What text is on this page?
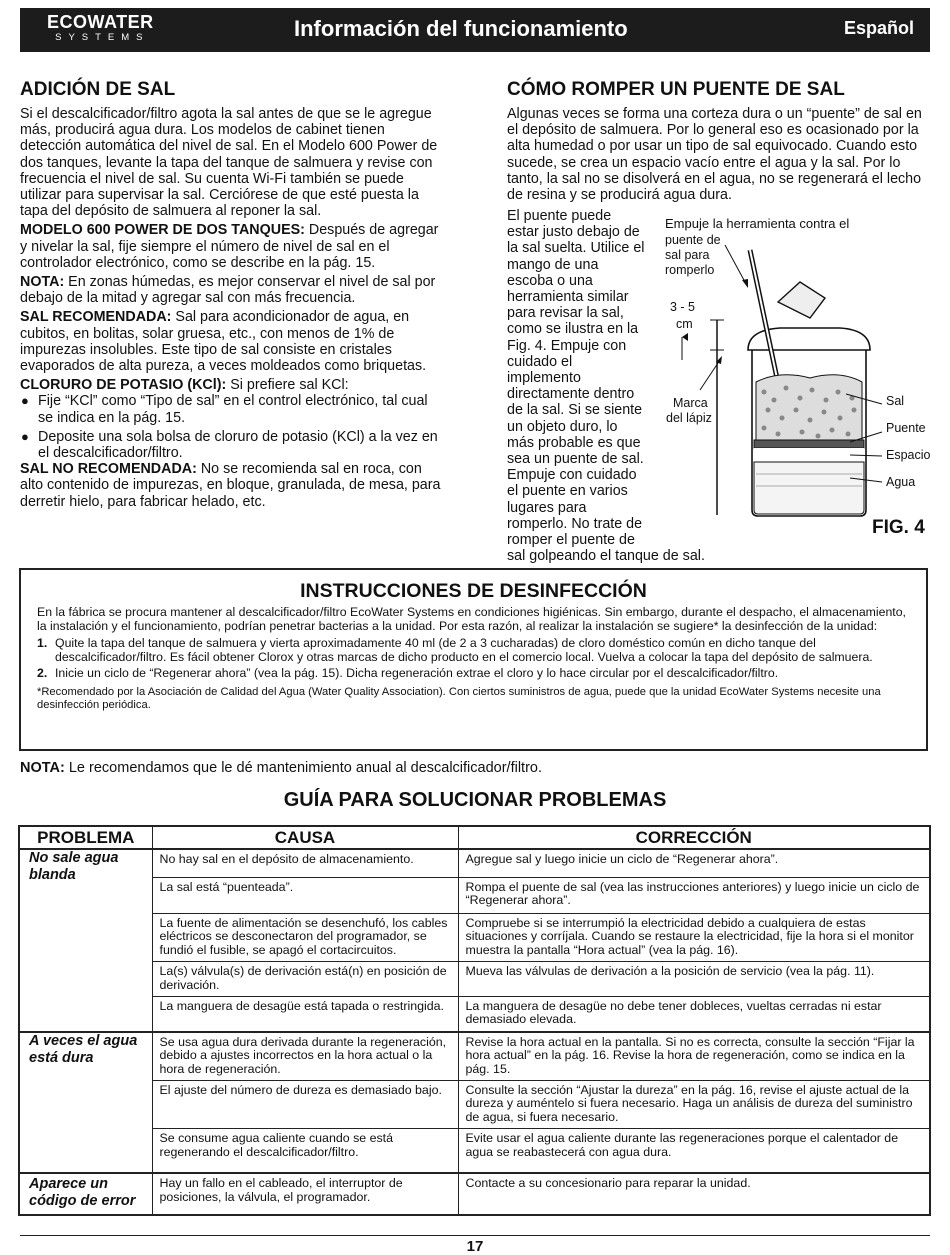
ECOWATER
SYSTEMS	Información del funcionamiento	Español
ADICIÓN DE SAL

Si el descalcificador/filtro agota la sal antes de que se le agregue más, producirá agua dura. Los modelos de cabinet tienen detección automática del nivel de sal. En el Modelo 600 Power de dos tanques, levante la tapa del tanque de salmuera y revise con frecuencia el nivel de sal. Su cuenta Wi-Fi también se puede utilizar para supervisar la sal. Cerciórese de que esté puesta la tapa del depósito de salmuera al reponer la sal.

MODELO 600 POWER DE DOS TANQUES: Después de agregar y nivelar la sal, fije siempre el número de nivel de sal en el controlador electrónico, como se describe en la pág. 15.

NOTA: En zonas húmedas, es mejor conservar el nivel de sal por debajo de la mitad y agregar sal con más frecuencia.

SAL RECOMENDADA: Sal para acondicionador de agua, en cubitos, en bolitas, solar gruesa, etc., con menos de 1% de impurezas insolubles. Este tipo de sal consiste en cristales evaporados de alta pureza, a veces moldeados como briquetas.

CLORURO DE POTASIO (KCl): Si prefiere sal KCl:

● Fije “KCl” como “Tipo de sal” en el control electrónico, tal cual se indica en la pág. 15.
● Deposite una sola bolsa de cloruro de potasio (KCl) a la vez en el descalcificador/filtro.

SAL NO RECOMENDADA: No se recomienda sal en roca, con alto contenido de impurezas, en bloque, granulada, de mesa, para derretir hielo, para fabricar helado, etc.

CÓMO ROMPER UN PUENTE DE SAL
Algunas veces se forma una corteza dura o un “puente” de sal en el depósito de salmuera. Por lo general eso es ocasionado por la alta humedad o por usar un tipo de sal equivocado. Cuando esto sucede, se crea un espacio vacío entre el agua y la sal. Por lo tanto, la sal no se disolverá en el agua, no se regenerará el lecho de resina y se producirá agua dura.
El puente puede
estar justo debajo de
la sal suelta. Utilice el
mango de una
escoba o una
herramienta similar
para revisar la sal,
como se ilustra en la
Fig. 4. Empuje con
cuidado el
implemento
directamente dentro
de la sal. Si se siente
un objeto duro, lo
más probable es que
sea un puente de sal.
Empuje con cuidado
el puente en varios
lugares para
romperlo. No trate de
romper el puente de
sal golpeando el tanque de sal.
Empuje la herramienta contra el
puente de
sal para
romperlo
3 - 5
cm
Marca
del lápiz
Sal
Puente
Espacio
Agua
FIG. 4
INSTRUCCIONES DE DESINFECCIÓN

En la fábrica se procura mantener al descalcificador/filtro EcoWater Systems en condiciones higiénicas. Sin embargo, durante el despacho, el almacenamiento, la instalación y el funcionamiento, podrían penetrar bacterias a la unidad. Por esta razón, al realizar la instalación se sugiere* la desinfección de la unidad:

1. Quite la tapa del tanque de salmuera y vierta aproximadamente 40 ml (de 2 a 3 cucharadas) de cloro doméstico común en dicho tanque del descalcificador/filtro. Es fácil obtener Clorox y otras marcas de dicho producto en el comercio local. Vuelva a colocar la tapa del depósito de salmuera.
2. Inicie un ciclo de “Regenerar ahora” (vea la pág. 15). Dicha regeneración extrae el cloro y lo hace circular por el descalcificador/filtro.
*Recomendado por la Asociación de Calidad del Agua (Water Quality Association). Con ciertos suministros de agua, puede que la unidad EcoWater Systems necesite una desinfección periódica.
NOTA: Le recomendamos que le dé mantenimiento anual al descalcificador/filtro.
GUÍA PARA SOLUCIONAR PROBLEMAS
PROBLEMA	CAUSA	CORRECCIÓN
No sale agua blanda	No hay sal en el depósito de almacenamiento.	Agregue sal y luego inicie un ciclo de “Regenerar ahora”.
	La sal está “puenteada”.	Rompa el puente de sal (vea las instrucciones anteriores) y luego inicie un ciclo de “Regenerar ahora”.
	La fuente de alimentación se desenchufó, los cables eléctricos se desconectaron del programador, se fundió el fusible, se apagó el cortacircuitos.	Compruebe si se interrumpió la electricidad debido a cualquiera de estas situaciones y corríjala. Cuando se restaure la electricidad, fije la hora si el monitor muestra la pantalla “Hora actual” (vea la pág. 16).
	La(s) válvula(s) de derivación está(n) en posición de derivación.	Mueva las válvulas de derivación a la posición de servicio (vea la pág. 11).
	La manguera de desagüe está tapada o restringida.	La manguera de desagüe no debe tener dobleces, vueltas cerradas ni estar demasiado elevada.
A veces el agua está dura	Se usa agua dura derivada durante la regeneración, debido a ajustes incorrectos en la hora actual o la hora de regeneración.	Revise la hora actual en la pantalla. Si no es correcta, consulte la sección “Fijar la hora actual” en la pág. 16. Revise la hora de regeneración, como se indica en la pág. 15.
	El ajuste del número de dureza es demasiado bajo.	Consulte la sección “Ajustar la dureza” en la pág. 16, revise el ajuste actual de la dureza y auméntelo si fuera necesario. Haga un análisis de dureza del suministro de agua, si fuera necesario.
	Se consume agua caliente cuando se está regenerando el descalcificador/filtro.	Evite usar el agua caliente durante las regeneraciones porque el calentador de agua se reabastecerá con agua dura.
Aparece un código de error	Hay un fallo en el cableado, el interruptor de posiciones, la válvula, el programador.	Contacte a su concesionario para reparar la unidad.
17
